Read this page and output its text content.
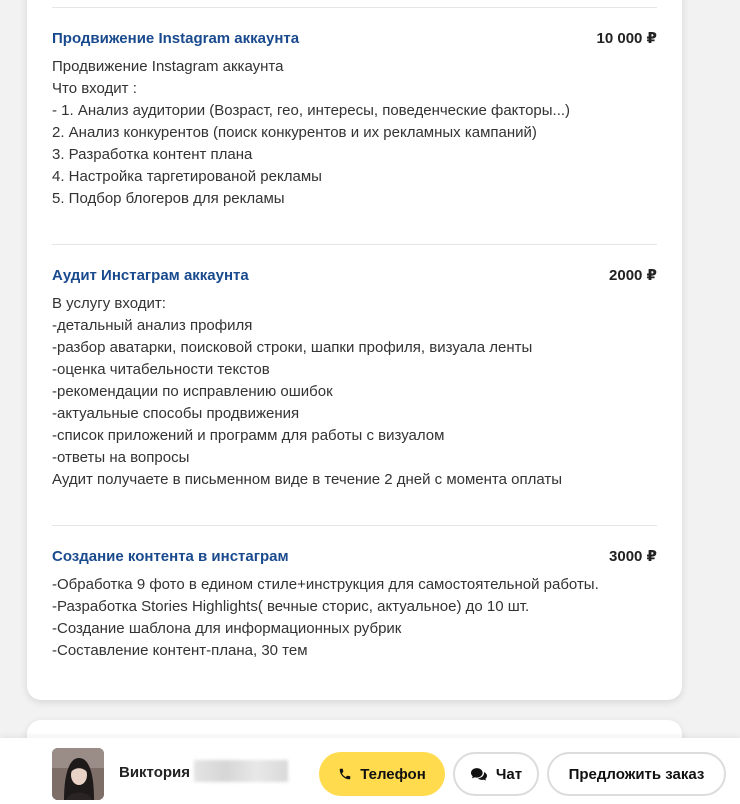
Продвижение Instagram аккаунта	10 000 ₽
Продвижение Instagram аккаунта
Что входит :
- 1. Анализ аудитории (Возраст, гео, интересы, поведенческие факторы...)
2. Анализ конкурентов (поиск конкурентов и их рекламных кампаний)
3. Разработка контент плана
4. Настройка таргетированой рекламы
5. Подбор блогеров для рекламы
Аудит Инстаграм аккаунта	2000 ₽
В услугу входит:
-детальный анализ профиля
-разбор аватарки, поисковой строки, шапки профиля, визуала ленты
-оценка читабельности текстов
-рекомендации по исправлению ошибок
-актуальные способы продвижения
-список приложений и программ для работы с визуалом
-ответы на вопросы
Аудит получаете в письменном виде в течение 2 дней с момента оплаты
Создание контента в инстаграм	3000 ₽
-Обработка 9 фото в едином стиле+инструкция для самостоятельной работы.
-Разработка Stories Highlights( вечные сторис, актуальное) до 10 шт.
-Создание шаблона для информационных рубрик
-Составление контент-плана, 30 тем
Виктория	Телефон	Чат	Предложить заказ
